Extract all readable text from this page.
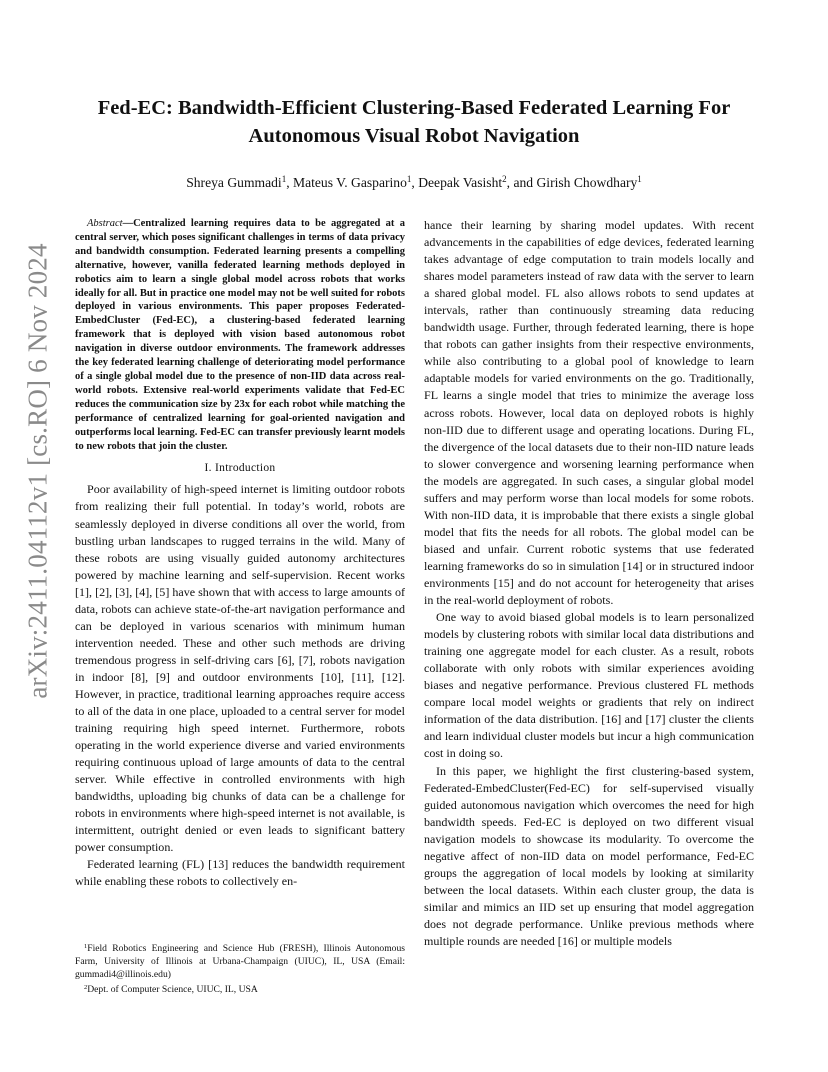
arXiv:2411.04112v1 [cs.RO] 6 Nov 2024
Fed-EC: Bandwidth-Efficient Clustering-Based Federated Learning For Autonomous Visual Robot Navigation
Shreya Gummadi$^1$, Mateus V. Gasparino$^1$, Deepak Vasisht$^2$, and Girish Chowdhary$^1$

Abstract—Centralized learning requires data to be aggregated at a central server, which poses significant challenges in terms of data privacy and bandwidth consumption. Federated learning presents a compelling alternative, however, vanilla federated learning methods deployed in robotics aim to learn a single global model across robots that works ideally for all. But in practice one model may not be well suited for robots deployed in various environments. This paper proposes Federated-EmbedCluster (Fed-EC), a clustering-based federated learning framework that is deployed with vision based autonomous robot navigation in diverse outdoor environments. The framework addresses the key federated learning challenge of deteriorating model performance of a single global model due to the presence of non-IID data across real-world robots. Extensive real-world experiments validate that Fed-EC reduces the communication size by 23x for each robot while matching the performance of centralized learning for goal-oriented navigation and outperforms local learning. Fed-EC can transfer previously learnt models to new robots that join the cluster.

I. Introduction

Poor availability of high-speed internet is limiting outdoor robots from realizing their full potential. In today’s world, robots are seamlessly deployed in diverse conditions all over the world, from bustling urban landscapes to rugged terrains in the wild. Many of these robots are using visually guided autonomy architectures powered by machine learning and self-supervision. Recent works [1], [2], [3], [4], [5] have shown that with access to large amounts of data, robots can achieve state-of-the-art navigation performance and can be deployed in various scenarios with minimum human intervention needed. These and other such methods are driving tremendous progress in self-driving cars [6], [7], robots navigation in indoor [8], [9] and outdoor environments [10], [11], [12]. However, in practice, traditional learning approaches require access to all of the data in one place, uploaded to a central server for model training requiring high speed internet. Furthermore, robots operating in the world experience diverse and varied environments requiring continuous upload of large amounts of data to the central server. While effective in controlled environments with high bandwidths, uploading big chunks of data can be a challenge for robots in environments where high-speed internet is not available, is intermittent, outright denied or even leads to significant battery power consumption.

Federated learning (FL) [13] reduces the bandwidth requirement while enabling these robots to collectively en-

hance their learning by sharing model updates. With recent advancements in the capabilities of edge devices, federated learning takes advantage of edge computation to train models locally and shares model parameters instead of raw data with the server to learn a shared global model. FL also allows robots to send updates at intervals, rather than continuously streaming data reducing bandwidth usage. Further, through federated learning, there is hope that robots can gather insights from their respective environments, while also contributing to a global pool of knowledge to learn adaptable models for varied environments on the go. Traditionally, FL learns a single model that tries to minimize the average loss across robots. However, local data on deployed robots is highly non-IID due to different usage and operating locations. During FL, the divergence of the local datasets due to their non-IID nature leads to slower convergence and worsening learning performance when the models are aggregated. In such cases, a singular global model suffers and may perform worse than local models for some robots. With non-IID data, it is improbable that there exists a single global model that fits the needs for all robots. The global model can be biased and unfair. Current robotic systems that use federated learning frameworks do so in simulation [14] or in structured indoor environments [15] and do not account for heterogeneity that arises in the real-world deployment of robots.

One way to avoid biased global models is to learn personalized models by clustering robots with similar local data distributions and training one aggregate model for each cluster. As a result, robots collaborate with only robots with similar experiences avoiding biases and negative performance. Previous clustered FL methods compare local model weights or gradients that rely on indirect information of the data distribution. [16] and [17] cluster the clients and learn individual cluster models but incur a high communication cost in doing so.

In this paper, we highlight the first clustering-based system, Federated-EmbedCluster(Fed-EC) for self-supervised visually guided autonomous navigation which overcomes the need for high bandwidth speeds. Fed-EC is deployed on two different visual navigation models to showcase its modularity. To overcome the negative affect of non-IID data on model performance, Fed-EC groups the aggregation of local models by looking at similarity between the local datasets. Within each cluster group, the data is similar and mimics an IID set up ensuring that model aggregation does not degrade performance. Unlike previous methods where multiple rounds are needed [16] or multiple models

$^1$Field Robotics Engineering and Science Hub (FRESH), Illinois Autonomous Farm, University of Illinois at Urbana-Champaign (UIUC), IL, USA (Email: gummadi4@illinois.edu)

$^2$Dept. of Computer Science, UIUC, IL, USA
